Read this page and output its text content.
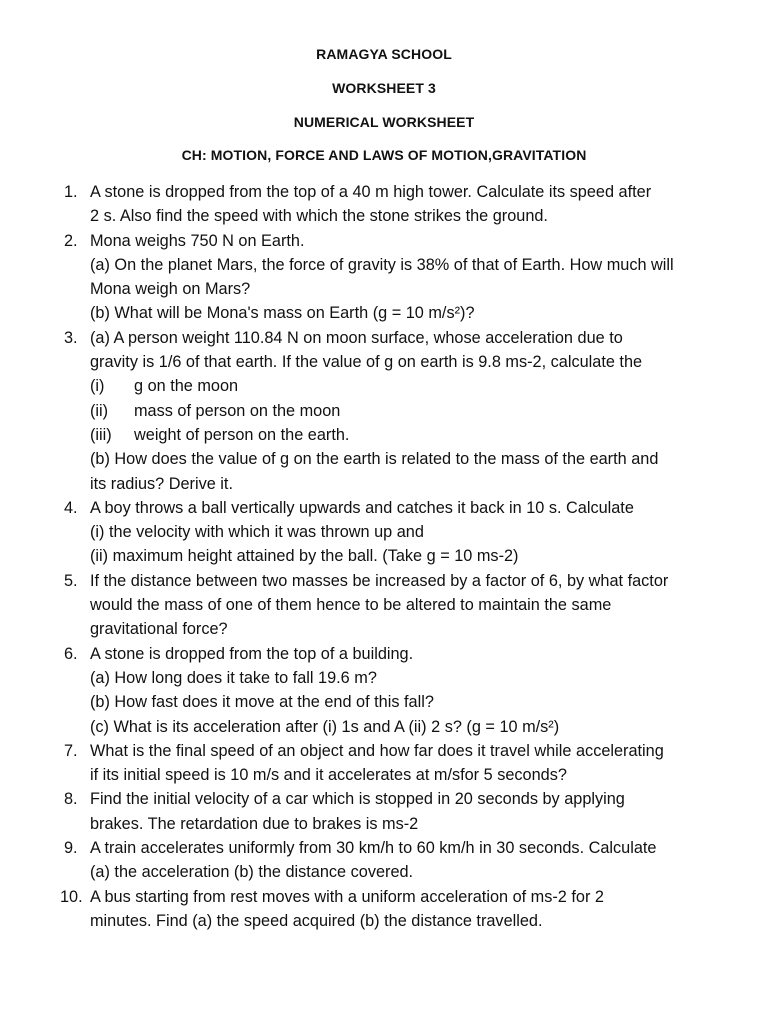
RAMAGYA SCHOOL
WORKSHEET 3
NUMERICAL WORKSHEET
CH: MOTION, FORCE AND LAWS OF MOTION,GRAVITATION
1. A stone is dropped from the top of a 40 m high tower. Calculate its speed after
2 s. Also find the speed with which the stone strikes the ground.
2. Mona weighs 750 N on Earth.
(a) On the planet Mars, the force of gravity is 38% of that of Earth. How much will
Mona weigh on Mars?
(b) What will be Mona's mass on Earth (g = 10 m/s²)?
3. (a) A person weight 110.84 N on moon surface, whose acceleration due to
gravity is 1/6 of that earth. If the value of g on earth is 9.8 ms-2, calculate the
(i) g on the moon
(ii) mass of person on the moon
(iii) weight of person on the earth.
(b) How does the value of g on the earth is related to the mass of the earth and
its radius? Derive it.
4. A boy throws a ball vertically upwards and catches it back in 10 s. Calculate
(i) the velocity with which it was thrown up and
(ii) maximum height attained by the ball. (Take g = 10 ms-2)
5. If the distance between two masses be increased by a factor of 6, by what factor
would the mass of one of them hence to be altered to maintain the same
gravitational force?
6. A stone is dropped from the top of a building.
(a) How long does it take to fall 19.6 m?
(b) How fast does it move at the end of this fall?
(c) What is its acceleration after (i) 1s and A (ii) 2 s? (g = 10 m/s²)
7. What is the final speed of an object and how far does it travel while accelerating
if its initial speed is 10 m/s and it accelerates at m/sfor 5 seconds?
8. Find the initial velocity of a car which is stopped in 20 seconds by applying
brakes. The retardation due to brakes is ms-2
9. A train accelerates uniformly from 30 km/h to 60 km/h in 30 seconds. Calculate
(a) the acceleration (b) the distance covered.
10. A bus starting from rest moves with a uniform acceleration of ms-2 for 2
minutes. Find (a) the speed acquired (b) the distance travelled.
